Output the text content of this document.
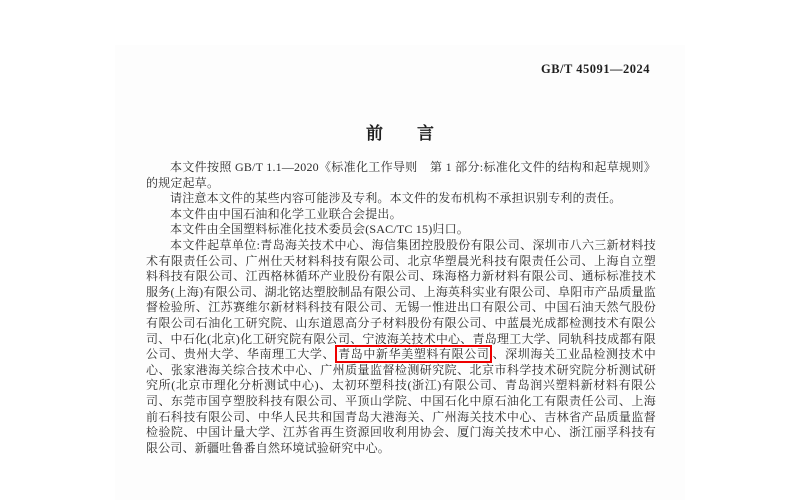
GB/T 45091—2024
前　　言

本文件按照 GB/T 1.1—2020《标准化工作导则　第 1 部分:标准化文件的结构和起草规则》的规定起草。

请注意本文件的某些内容可能涉及专利。本文件的发布机构不承担识别专利的责任。

本文件由中国石油和化学工业联合会提出。

本文件由全国塑料标准化技术委员会(SAC/TC 15)归口。

本文件起草单位:青岛海关技术中心、海信集团控股股份有限公司、深圳市八六三新材料技术有限责任公司、广州仕天材料科技有限公司、北京华塑晨光科技有限责任公司、上海自立塑料科技有限公司、江西格林循环产业股份有限公司、珠海格力新材料有限公司、通标标准技术服务(上海)有限公司、湖北铭达塑胶制品有限公司、上海英科实业有限公司、阜阳市产品质量监督检验所、江苏赛维尔新材料科技有限公司、无锡一惟进出口有限公司、中国石油天然气股份有限公司石油化工研究院、山东道恩高分子材料股份有限公司、中蓝晨光成都检测技术有限公司、中石化(北京)化工研究院有限公司、宁波海关技术中心、青岛理工大学、同轨科技成都有限公司、贵州大学、华南理工大学、 青岛中新华美塑料有限公司 、深圳海关工业品检测技术中心、张家港海关综合技术中心、广州质量监督检测研究院、北京市科学技术研究院分析测试研究所(北京市理化分析测试中心)、太初环塑科技(浙江)有限公司、青岛润兴塑料新材料有限公司、东莞市国亨塑胶科技有限公司、平顶山学院、中国石化中原石油化工有限责任公司、上海前石科技有限公司、中华人民共和国青岛大港海关、广州海关技术中心、吉林省产品质量监督检验院、中国计量大学、江苏省再生资源回收利用协会、厦门海关技术中心、浙江丽孚科技有限公司、新疆吐鲁番自然环境试验研究中心。
